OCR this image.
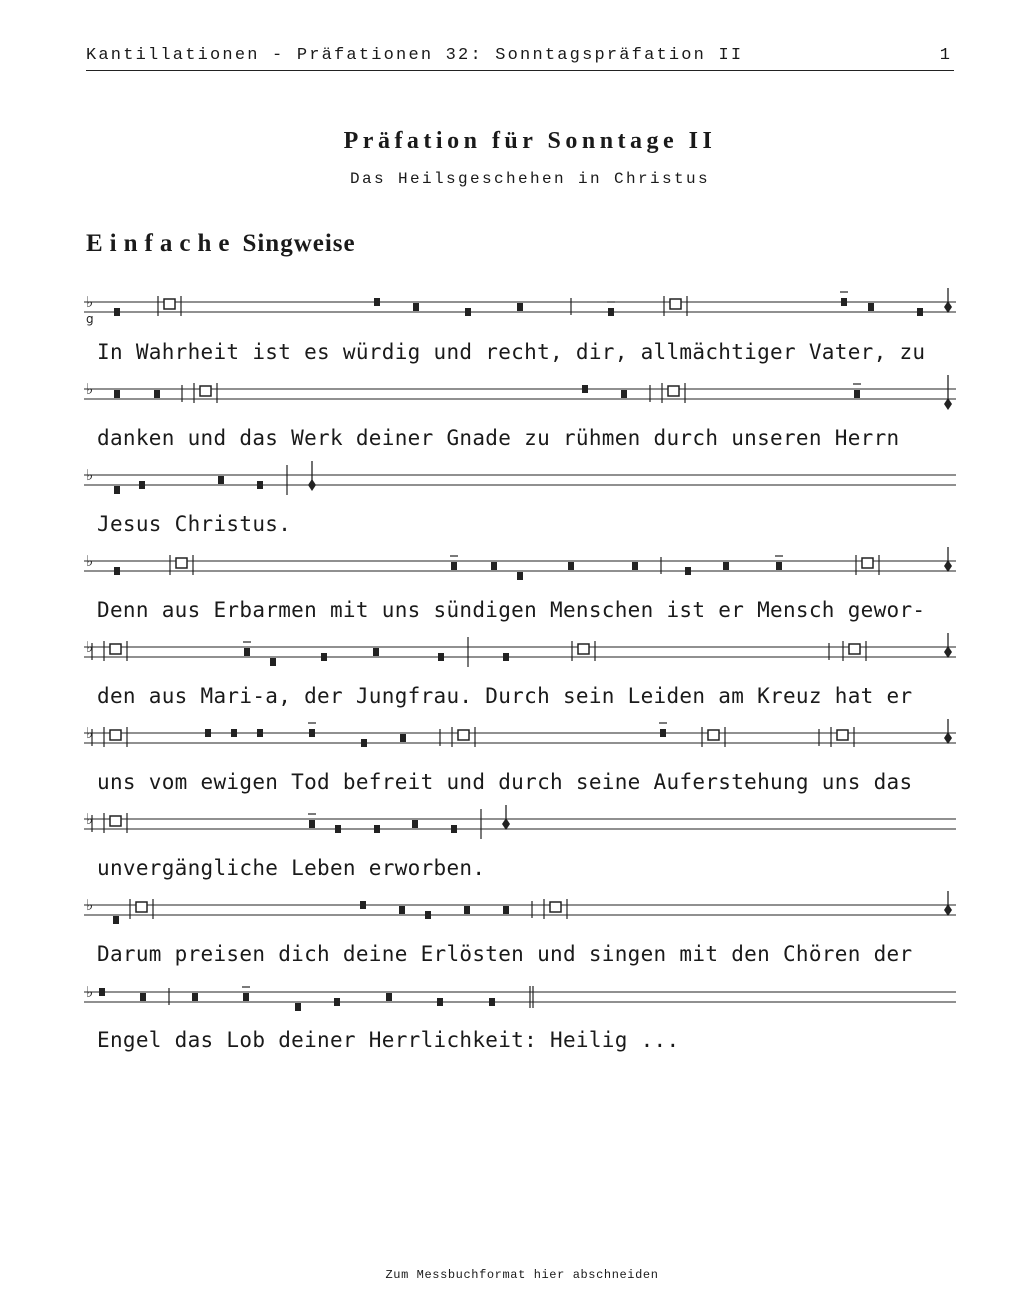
Kantillationen - Präfationen 32: Sonntagspräfation II	1
Präfation für Sonntage II
Das Heilsgeschehen in Christus
Einfache Singweise
♭
g
In Wahrheit ist es würdig und recht, dir, allmächtiger Vater, zu
♭
danken und das Werk deiner Gnade zu rühmen durch unseren Herrn
♭
Jesus Christus.
♭
Denn aus Erbarmen mit uns sündigen Menschen ist er Mensch gewor-
♭
den aus Mari-a, der Jungfrau. Durch sein Leiden am Kreuz hat er
♭
uns vom ewigen Tod befreit und durch seine Auferstehung uns das
♭
unvergängliche Leben erworben.
♭
Darum preisen dich deine Erlösten und singen mit den Chören der
♭
Engel das Lob deiner Herrlichkeit: Heilig ...
Zum Messbuchformat hier abschneiden
